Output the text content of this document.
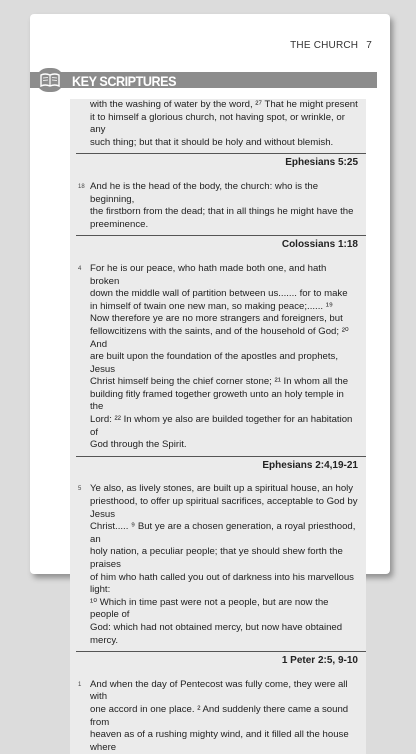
THE CHURCH 7
KEY SCRIPTURES

with the washing of water by the word, ²⁷ That he might present

it to himself a glorious church, not having spot, or wrinkle, or any

such thing; but that it should be holy and without blemish.

Ephesians 5:25
18 And he is the head of the body, the church: who is the beginning,

the firstborn from the dead; that in all things he might have the

preeminence.

Colossians 1:18
4 For he is our peace, who hath made both one, and hath broken

down the middle wall of partition between us....... for to make

in himself of twain one new man, so making peace;...... ¹⁹

Now therefore ye are no more strangers and foreigners, but

fellowcitizens with the saints, and of the household of God; ²⁰ And

are built upon the foundation of the apostles and prophets, Jesus

Christ himself being the chief corner stone; ²¹ In whom all the

building fitly framed together groweth unto an holy temple in the

Lord: ²² In whom ye also are builded together for an habitation of

God through the Spirit.

Ephesians 2:4,19-21
5 Ye also, as lively stones, are built up a spiritual house, an holy

priesthood, to offer up spiritual sacrifices, acceptable to God by Jesus

Christ..... ⁹ But ye are a chosen generation, a royal priesthood, an

holy nation, a peculiar people; that ye should shew forth the praises

of him who hath called you out of darkness into his marvellous light:

¹⁰ Which in time past were not a people, but are now the people of

God: which had not obtained mercy, but now have obtained mercy.

1 Peter 2:5, 9-10
1 And when the day of Pentecost was fully come, they were all with

one accord in one place. ² And suddenly there came a sound from

heaven as of a rushing mighty wind, and it filled all the house where
